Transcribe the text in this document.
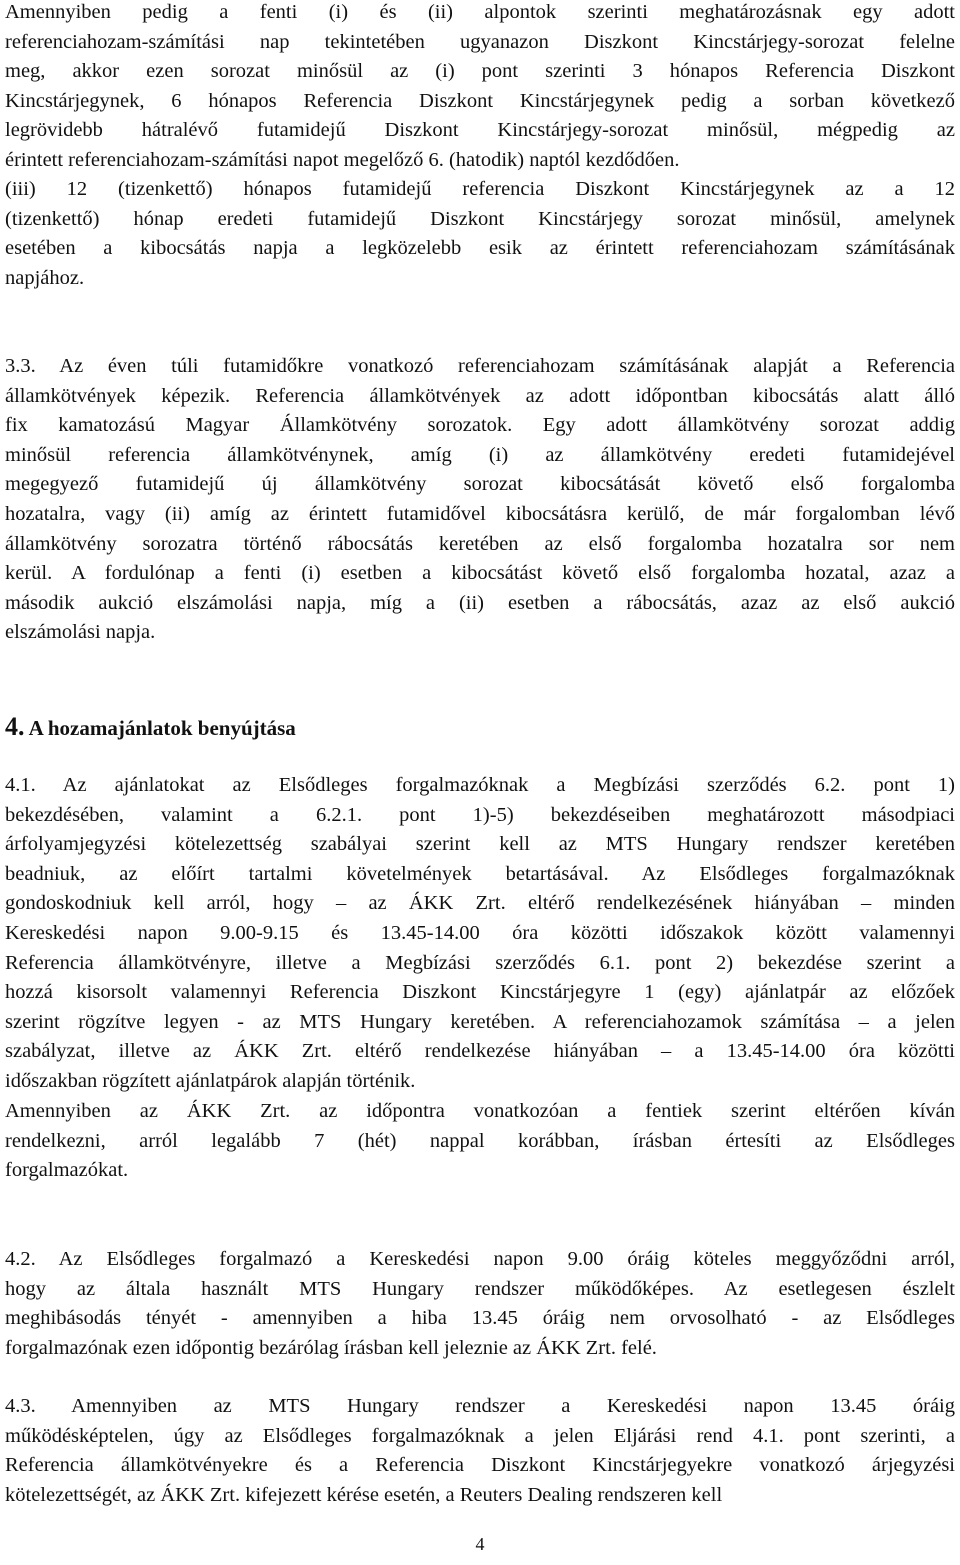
Amennyiben pedig a fenti (i) és (ii) alpontok szerinti meghatározásnak egy adott
referenciahozam-számítási nap tekintetében ugyanazon Diszkont Kincstárjegy-sorozat felelne
meg, akkor ezen sorozat minősül az (i) pont szerinti 3 hónapos Referencia Diszkont
Kincstárjegynek, 6 hónapos Referencia Diszkont Kincstárjegynek pedig a sorban következő
legrövidebb hátralévő futamidejű Diszkont Kincstárjegy-sorozat minősül, mégpedig az
érintett referenciahozam-számítási napot megelőző 6. (hatodik) naptól kezdődően.
(iii) 12 (tizenkettő) hónapos futamidejű referencia Diszkont Kincstárjegynek az a 12
(tizenkettő) hónap eredeti futamidejű Diszkont Kincstárjegy sorozat minősül, amelynek
esetében a kibocsátás napja a legközelebb esik az érintett referenciahozam számításának
napjához.
3.3. Az éven túli futamidőkre vonatkozó referenciahozam számításának alapját a Referencia
államkötvények képezik. Referencia államkötvények az adott időpontban kibocsátás alatt álló
fix kamatozású Magyar Államkötvény sorozatok. Egy adott államkötvény sorozat addig
minősül referencia államkötvénynek, amíg (i) az államkötvény eredeti futamidejével
megegyező futamidejű új államkötvény sorozat kibocsátását követő első forgalomba
hozatalra, vagy (ii) amíg az érintett futamidővel kibocsátásra kerülő, de már forgalomban lévő
államkötvény sorozatra történő rábocsátás keretében az első forgalomba hozatalra sor nem
kerül. A fordulónap a fenti (i) esetben a kibocsátást követő első forgalomba hozatal, azaz a
második aukció elszámolási napja, míg a (ii) esetben a rábocsátás, azaz az első aukció
elszámolási napja.
4. A hozamajánlatok benyújtása
4.1. Az ajánlatokat az Elsődleges forgalmazóknak a Megbízási szerződés 6.2. pont 1)
bekezdésében, valamint a 6.2.1. pont 1)-5) bekezdéseiben meghatározott másodpiaci
árfolyamjegyzési kötelezettség szabályai szerint kell az MTS Hungary rendszer keretében
beadniuk, az előírt tartalmi követelmények betartásával. Az Elsődleges forgalmazóknak
gondoskodniuk kell arról, hogy – az ÁKK Zrt. eltérő rendelkezésének hiányában – minden
Kereskedési napon 9.00-9.15 és 13.45-14.00 óra közötti időszakok között valamennyi
Referencia államkötvényre, illetve a Megbízási szerződés 6.1. pont 2) bekezdése szerint a
hozzá kisorsolt valamennyi Referencia Diszkont Kincstárjegyre 1 (egy) ajánlatpár az előzőek
szerint rögzítve legyen - az MTS Hungary keretében. A referenciahozamok számítása – a jelen
szabályzat, illetve az ÁKK Zrt. eltérő rendelkezése hiányában – a 13.45-14.00 óra közötti
időszakban rögzített ajánlatpárok alapján történik.
Amennyiben az ÁKK Zrt. az időpontra vonatkozóan a fentiek szerint eltérően kíván
rendelkezni, arról legalább 7 (hét) nappal korábban, írásban értesíti az Elsődleges
forgalmazókat.
4.2. Az Elsődleges forgalmazó a Kereskedési napon 9.00 óráig köteles meggyőződni arról,
hogy az általa használt MTS Hungary rendszer működőképes. Az esetlegesen észlelt
meghibásodás tényét - amennyiben a hiba 13.45 óráig nem orvosolható - az Elsődleges
forgalmazónak ezen időpontig bezárólag írásban kell jeleznie az ÁKK Zrt. felé.
4.3. Amennyiben az MTS Hungary rendszer a Kereskedési napon 13.45 óráig
működésképtelen, úgy az Elsődleges forgalmazóknak a jelen Eljárási rend 4.1. pont szerinti, a
Referencia államkötvényekre és a Referencia Diszkont Kincstárjegyekre vonatkozó árjegyzési
kötelezettségét, az ÁKK Zrt. kifejezett kérése esetén, a Reuters Dealing rendszeren kell
4
